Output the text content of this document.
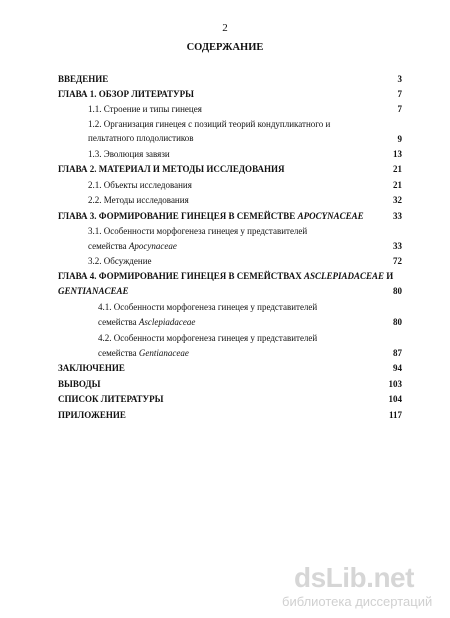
2
СОДЕРЖАНИЕ
ВВЕДЕНИЕ	3
ГЛАВА 1. ОБЗОР ЛИТЕРАТУРЫ	7
1.1. Строение и типы гинецея	7
1.2. Организация гинецея с позиций теорий кондупликатного и
пельтатного плодолистиков	9
1.3. Эволюция завязи	13
ГЛАВА 2. МАТЕРИАЛ И МЕТОДЫ ИССЛЕДОВАНИЯ	21
2.1. Объекты исследования	21
2.2. Методы исследования	32
ГЛАВА 3. ФОРМИРОВАНИЕ ГИНЕЦЕЯ В СЕМЕЙСТВЕ APOCYNACEAE	33
3.1. Особенности морфогенеза гинецея у представителей
семейства Apocynaceae	33
3.2. Обсуждение	72
ГЛАВА 4. ФОРМИРОВАНИЕ ГИНЕЦЕЯ В СЕМЕЙСТВАХ ASCLEPIADACEAE И
GENTIANACEAE	80
4.1. Особенности морфогенеза гинецея у представителей
семейства Asclepiadaceae	80
4.2. Особенности морфогенеза гинецея у представителей
семейства Gentianaceae	87
ЗАКЛЮЧЕНИЕ	94
ВЫВОДЫ	103
СПИСОК ЛИТЕРАТУРЫ	104
ПРИЛОЖЕНИЕ	117
dsLib.net
библиотека диссертаций
